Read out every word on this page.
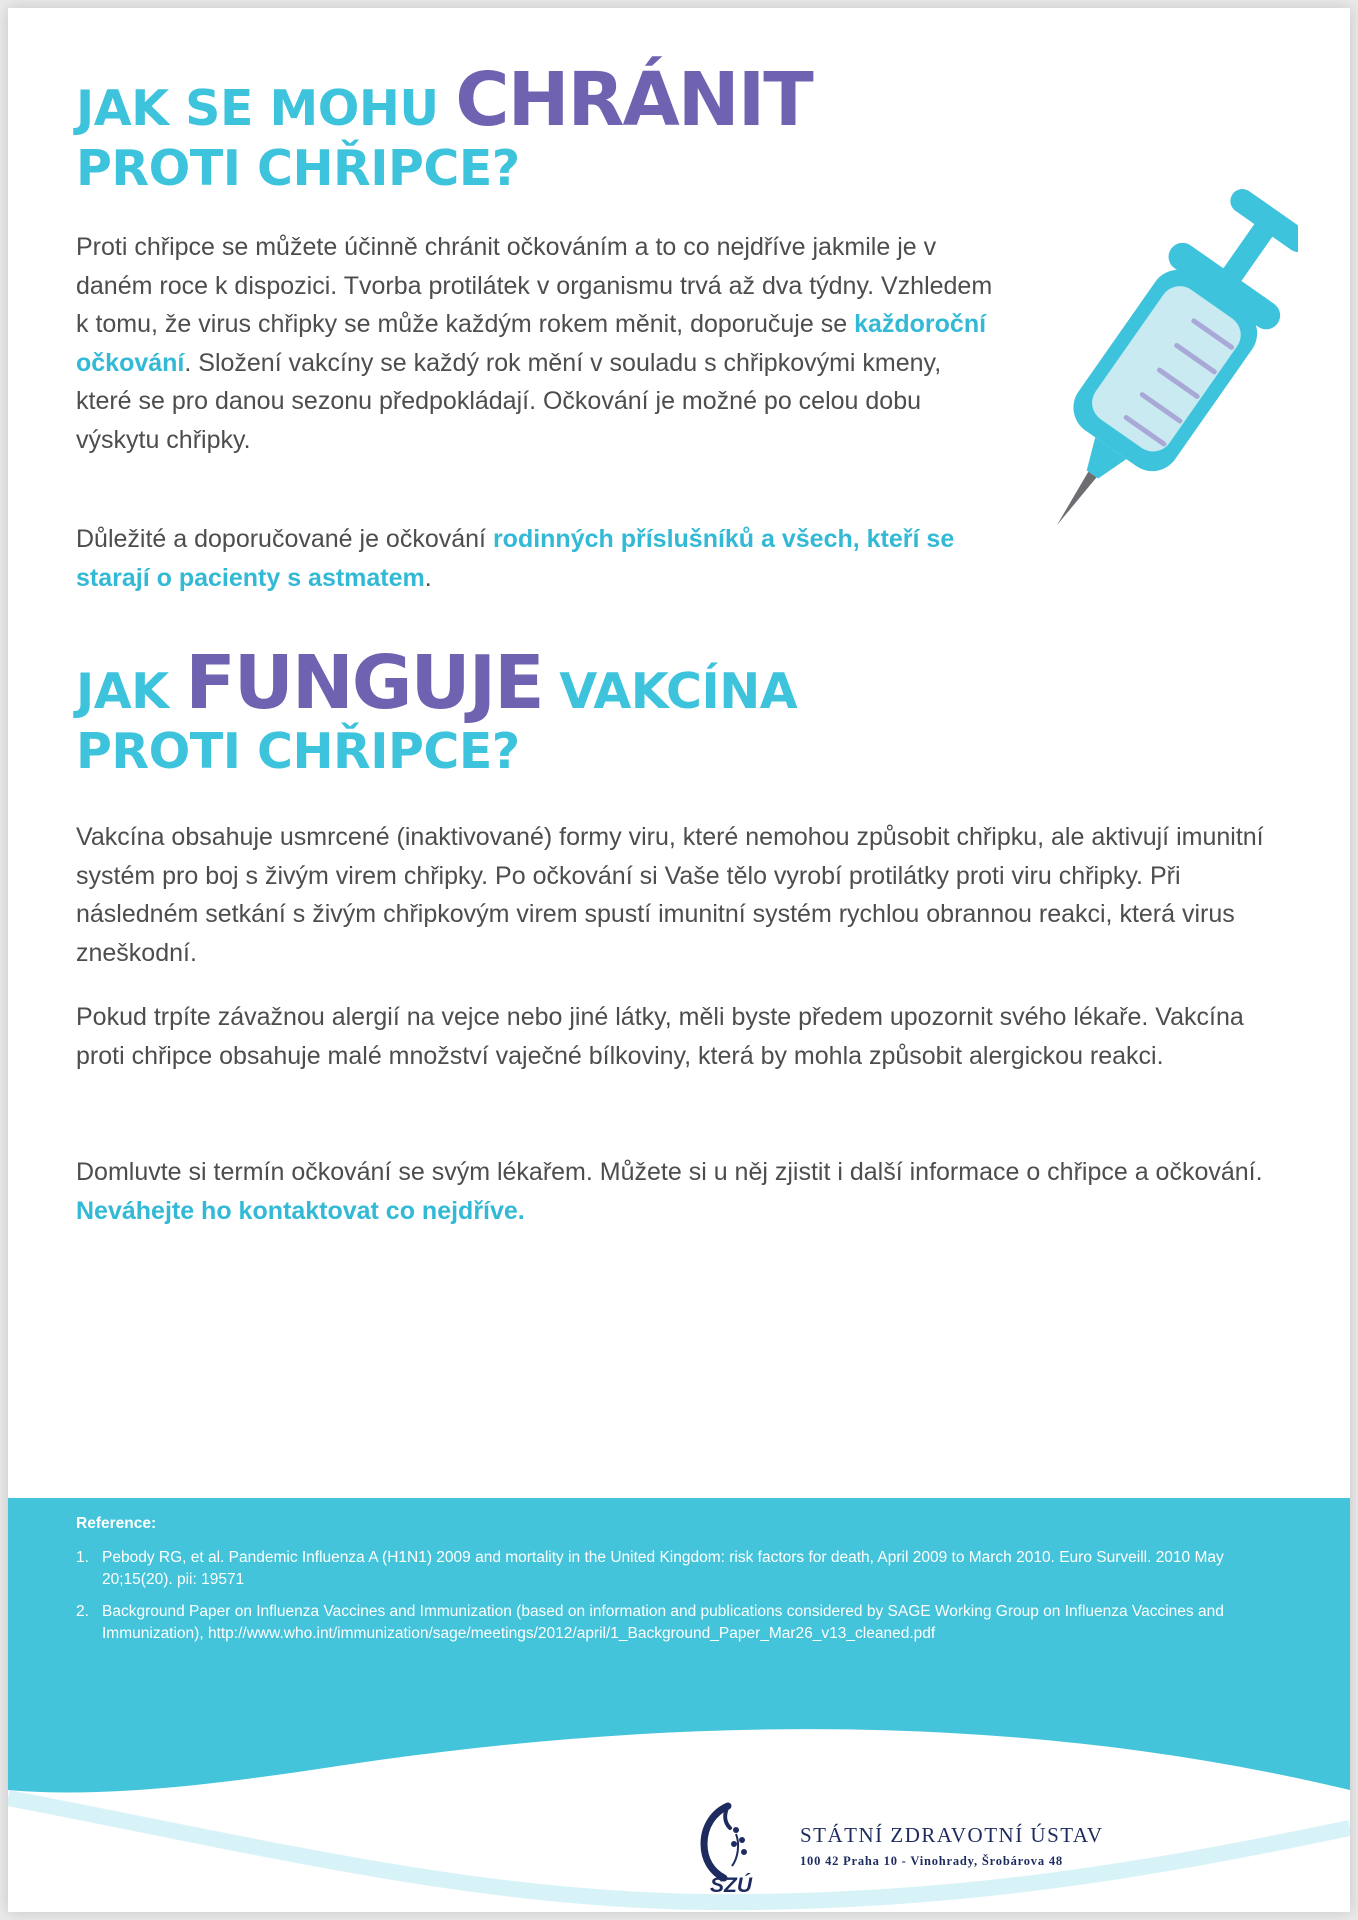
JAK SE MOHU CHRÁNIT
PROTI CHŘIPCE?

Proti chřipce se můžete účinně chránit očkováním a to co nejdříve jakmile je v daném roce k dispozici. Tvorba protilátek v organismu trvá až dva týdny. Vzhledem k tomu, že virus chřipky se může každým rokem měnit, doporučuje se každoroční očkování. Složení vakcíny se každý rok mění v souladu s chřipkovými kmeny, které se pro danou sezonu předpokládají. Očkování je možné po celou dobu výskytu chřipky.

Důležité a doporučované je očkování rodinných příslušníků a všech, kteří se starají o pacienty s astmatem.

JAK FUNGUJE VAKCÍNA
PROTI CHŘIPCE?

Vakcína obsahuje usmrcené (inaktivované) formy viru, které nemohou způsobit chřipku, ale aktivují imunitní systém pro boj s živým virem chřipky. Po očkování si Vaše tělo vyrobí protilátky proti viru chřipky. Při následném setkání s živým chřipkovým virem spustí imunitní systém rychlou obrannou reakci, která virus zneškodní.

Pokud trpíte závažnou alergií na vejce nebo jiné látky, měli byste předem upozornit svého lékaře. Vakcína proti chřipce obsahuje malé množství vaječné bílkoviny, která by mohla způsobit alergickou reakci.

Domluvte si termín očkování se svým lékařem. Můžete si u něj zjistit i další informace o chřipce a očkování. Neváhejte ho kontaktovat co nejdříve.

Reference:
1. Pebody RG, et al. Pandemic Influenza A (H1N1) 2009 and mortality in the United Kingdom: risk factors for death, April 2009 to March 2010. Euro Surveill. 2010 May 20;15(20). pii: 19571
2. Background Paper on Influenza Vaccines and Immunization (based on information and publications considered by SAGE Working Group on Influenza Vaccines and Immunization), http://www.who.int/immunization/sage/meetings/2012/april/1_Background_Paper_Mar26_v13_cleaned.pdf
SZÚ
STÁTNÍ ZDRAVOTNÍ ÚSTAV
100 42 Praha 10 - Vinohrady, Šrobárova 48
